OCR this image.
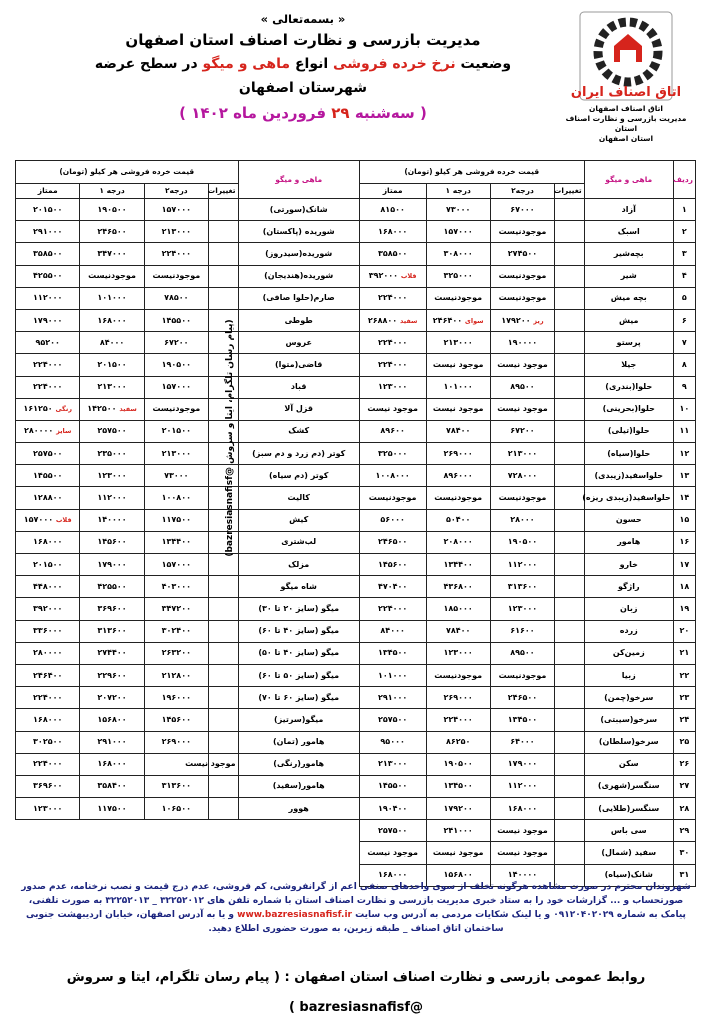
« بسمه‌تعالی »
مدیریت بازرسی و نظارت اصناف استان اصفهان
وضعیت نرخ خرده فروشی انواع ماهی و میگو در سطح عرضه شهرستان اصفهان
( سه‌شنبه ۲۹ فروردین ماه ۱۴۰۲ )
اتاق اصناف ایران
اتاق اصناف اصفهان
مدیریت بازرسی و نظارت اصناف استان
استان اصفهان
ردیف	ماهی و میگو	قیمت خرده فروشی هر کیلو (تومان)				ماهی و میگو	قیمت خرده فروشی هر کیلو (تومان)			
		تغییرات	درجه۲	درجه ۱	ممتاز		تغییرات	درجه۲	درجه ۱	ممتاز
۱	آزاد		۶۷۰۰۰	۷۳۰۰۰	۸۱۵۰۰	شانک(سورتی)		۱۵۷۰۰۰	۱۹۰۵۰۰	۲۰۱۵۰۰
۲	اسبک		موجودنیست	۱۵۷۰۰۰	۱۶۸۰۰۰	شوریده (پاکستان)		۲۱۳۰۰۰	۲۴۶۵۰۰	۲۹۱۰۰۰
۳	بچه‌شیر		۲۷۴۵۰۰	۳۰۸۰۰۰	۳۵۸۵۰۰	شوریده(سیدروز)		۲۲۴۰۰۰	۳۴۷۰۰۰	۳۵۸۵۰۰
۴	شیر		موجودنیست	۳۲۵۰۰۰	قلاب ۳۹۲۰۰۰	شوریده(هندیجان)		موجودنیست	موجودنیست	۴۲۵۵۰۰
۵	بچه میش		موجودنیست	موجودنیست	۲۲۴۰۰۰	صارم(حلوا صافی)		۷۸۵۰۰	۱۰۱۰۰۰	۱۱۲۰۰۰
۶	میش		ریز ۱۷۹۲۰۰	سوای ۲۴۶۴۰۰	سفید ۲۶۸۸۰۰	طوطی		۱۴۵۵۰۰	۱۶۸۰۰۰	۱۷۹۰۰۰
۷	پرستو		۱۹۰۰۰۰	۲۱۳۰۰۰	۲۲۴۰۰۰	عروس		۶۷۲۰۰	۸۴۰۰۰	۹۵۲۰۰
۸	جیلا		موجود نیست	موجود نیست	۲۲۴۰۰۰	قاضی(متوا)		۱۹۰۵۰۰	۲۰۱۵۰۰	۲۲۴۰۰۰
۹	حلوا(بندری)		۸۹۵۰۰	۱۰۱۰۰۰	۱۲۳۰۰۰	قباد		۱۵۷۰۰۰	۲۱۳۰۰۰	۲۲۴۰۰۰
۱۰	حلوا(بحرینی)		موجود نیست	موجود نیست	موجود نیست	قزل آلا		موجودنیست	سفید ۱۴۲۵۰۰	رنگی ۱۶۱۲۵۰
۱۱	حلوا(تیلی)		۶۷۲۰۰	۷۸۴۰۰	۸۹۶۰۰	کشک		۲۰۱۵۰۰	۲۵۷۵۰۰	سایز ۲۸۰۰۰۰
۱۲	حلوا(سیاه)		۲۱۳۰۰۰	۲۶۹۰۰۰	۳۲۵۰۰۰	کوتر (دم زرد و دم سبز)		۲۱۳۰۰۰	۲۳۵۰۰۰	۲۵۷۵۰۰
۱۳	حلواسفید(زیبدی)		۷۲۸۰۰۰	۸۹۶۰۰۰	۱۰۰۸۰۰۰	کوتر (دم سیاه)		۷۳۰۰۰	۱۲۳۰۰۰	۱۴۵۵۰۰
۱۴	حلواسفید(زیبدی ریزه)		موجودنیست	موجودنیست	موجودنیست	کالیت		۱۰۰۸۰۰	۱۱۲۰۰۰	۱۲۸۸۰۰
۱۵	حسون		۲۸۰۰۰	۵۰۴۰۰	۵۶۰۰۰	کیش		۱۱۷۵۰۰	۱۴۰۰۰۰	قلاب ۱۵۷۰۰۰
۱۶	هامور		۱۹۰۵۰۰	۲۰۸۰۰۰	۲۴۶۵۰۰	لب‌شتری		۱۳۴۴۰۰	۱۴۵۶۰۰	۱۶۸۰۰۰
۱۷	خارو		۱۱۲۰۰۰	۱۳۴۴۰۰	۱۴۵۶۰۰	مزلک		۱۵۷۰۰۰	۱۷۹۰۰۰	۲۰۱۵۰۰
۱۸	راژگو		۳۱۳۶۰۰	۴۳۶۸۰۰	۴۷۰۴۰۰	شاه میگو		۴۰۳۰۰۰	۴۲۵۵۰۰	۴۴۸۰۰۰
۱۹	زبان		۱۲۳۰۰۰	۱۸۵۰۰۰	۲۲۴۰۰۰	میگو (سایز ۲۰ تا ۳۰)		۳۴۷۲۰۰	۳۶۹۶۰۰	۳۹۲۰۰۰
۲۰	زرده		۶۱۶۰۰	۷۸۴۰۰	۸۴۰۰۰	میگو (سایز ۴۰ تا ۶۰)		۳۰۲۴۰۰	۳۱۳۶۰۰	۳۳۶۰۰۰
۲۱	زمین‌کن		۸۹۵۰۰	۱۲۳۰۰۰	۱۳۴۵۰۰	میگو (سایز ۴۰ تا ۵۰)		۲۶۳۲۰۰	۲۷۴۴۰۰	۲۸۰۰۰۰
۲۲	زبیا		موجودنیست	موجودنیست	۱۰۱۰۰۰	میگو (سایز ۵۰ تا ۶۰)		۲۱۲۸۰۰	۲۲۹۶۰۰	۲۴۶۴۰۰
۲۳	سرخو(چمن)		۲۴۶۵۰۰	۲۶۹۰۰۰	۲۹۱۰۰۰	میگو (سایز ۶۰ تا ۷۰)		۱۹۶۰۰۰	۲۰۷۲۰۰	۲۲۴۰۰۰
۲۴	سرخو(سیبتی)		۱۳۴۵۰۰	۲۲۴۰۰۰	۲۵۷۵۰۰	میگو(سرتیز)		۱۴۵۶۰۰	۱۵۶۸۰۰	۱۶۸۰۰۰
۲۵	سرخو(سلطان)		۶۴۰۰۰	۸۶۲۵۰	۹۵۰۰۰	هامور (تمان)		۲۶۹۰۰۰	۲۹۱۰۰۰	۳۰۲۵۰۰
۲۶	سکن		۱۷۹۰۰۰	۱۹۰۵۰۰	۲۱۳۰۰۰	هامور(رنگی)	موجود نیست		۱۶۸۰۰۰	۲۲۴۰۰۰
۲۷	سنگسر(شهری)		۱۱۲۰۰۰	۱۳۴۵۰۰	۱۴۵۵۰۰	هامور(سفید)		۳۱۳۶۰۰	۳۵۸۴۰۰	۳۶۹۶۰۰
۲۸	سنگسر(طلایی)		۱۶۸۰۰۰	۱۷۹۲۰۰	۱۹۰۴۰۰	هوور		۱۰۶۵۰۰	۱۱۷۵۰۰	۱۲۳۰۰۰
۲۹	سی باس		موجود نیست	۲۴۱۰۰۰	۲۵۷۵۰۰					
۳۰	سفید (شمال)		موجود نیست	موجود نیست	موجود نیست					
۳۱	شانک(سیاه)		۱۴۰۰۰۰	۱۵۶۸۰۰	۱۶۸۰۰۰					
(پیام رسان تلگرام، ایتا و سروش @bazresiasnafisf)
شهروندان محترم در صورت مشاهده هرگونه تخلف از سوی واحدهای صنفی اعم از گرانفروشی، کم فروشی، عدم درج قیمت و نصب نرخنامه، عدم صدور صورتحساب و ... گزارشات خود را به ستاد خبری مدیریت بازرسی و نظارت اصناف استان با شماره تلفن های ۳۲۲۵۲۰۱۲ _ ۳۲۲۵۲۰۱۳ به صورت تلفنی،
پیامک به شماره ۰۹۱۲۰۴۰۲۰۲۹ و یا لینک شکایات مردمی به آدرس وب سایت www.bazresiasnafisf.ir و یا به آدرس اصفهان، خیابان اردیبهشت جنوبی
ساختمان اتاق اصناف _ طبقه زیرین، به صورت حضوری اطلاع دهید.
روابط عمومی بازرسی و نظارت اصناف استان اصفهان : ( پیام رسان تلگرام، ایتا و سروش @bazresiasnafisf )
